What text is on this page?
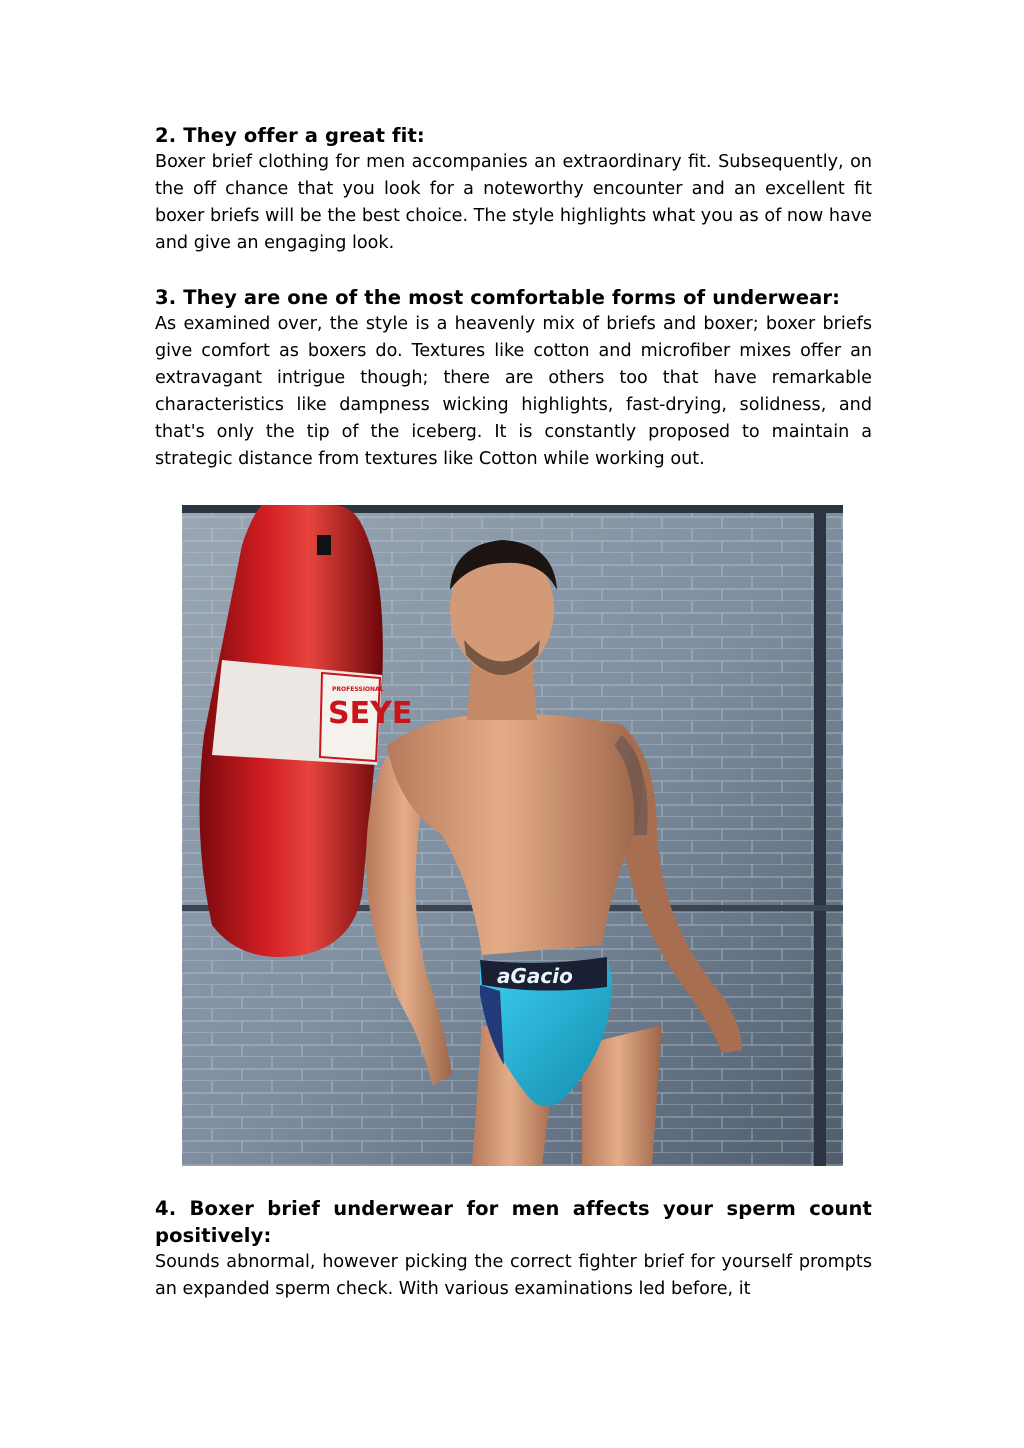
2. They offer a great fit:

Boxer brief clothing for men accompanies an extraordinary fit. Subsequently, on the off chance that you look for a noteworthy encounter and an excellent fit boxer briefs will be the best choice. The style highlights what you as of now have and give an engaging look.

3. They are one of the most comfortable forms of underwear:

As examined over, the style is a heavenly mix of briefs and boxer; boxer briefs give comfort as boxers do. Textures like cotton and microfiber mixes offer an extravagant intrigue though; there are others too that have remarkable characteristics like dampness wicking highlights, fast-drying, solidness, and that's only the tip of the iceberg. It is constantly proposed to maintain a strategic distance from textures like Cotton while working out.

SEYE
PROFESSIONAL
aGacio
4. Boxer brief underwear for men affects your sperm count positively:

Sounds abnormal, however picking the correct fighter brief for yourself prompts an expanded sperm check. With various examinations led before, it
